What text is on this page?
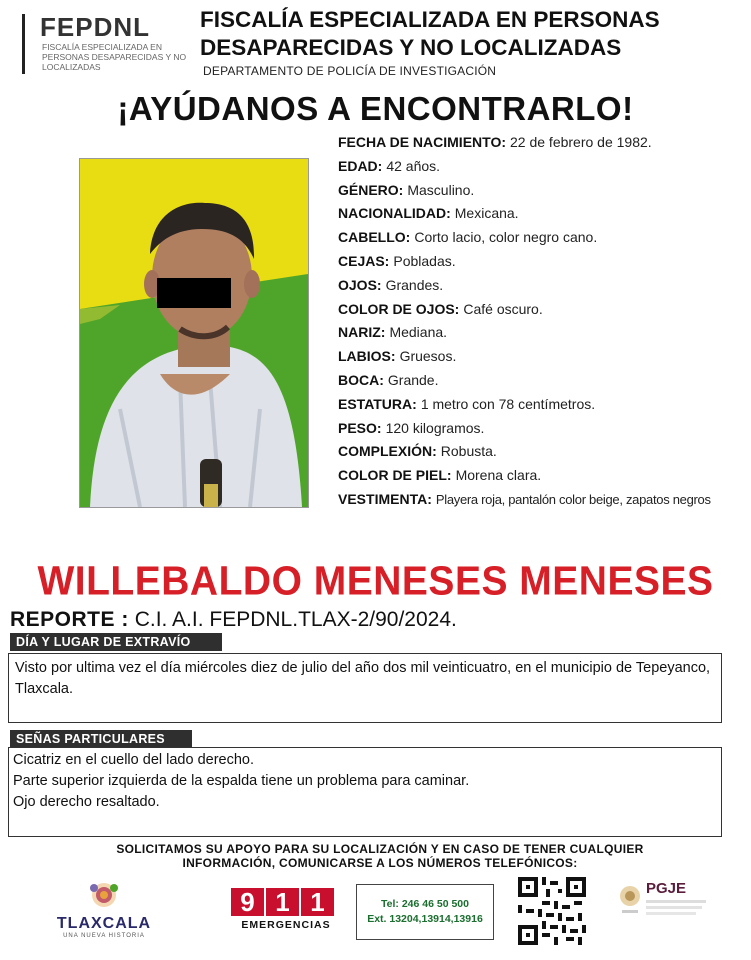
FEPDNL
FISCALÍA ESPECIALIZADA EN PERSONAS DESAPARECIDAS Y NO LOCALIZADAS
FISCALÍA ESPECIALIZADA EN PERSONAS
DESAPARECIDAS Y NO LOCALIZADAS
DEPARTAMENTO DE POLICÍA DE INVESTIGACIÓN
¡AYÚDANOS A ENCONTRARLO!
FECHA DE NACIMIENTO: 22 de febrero de 1982.
EDAD: 42 años.
GÉNERO: Masculino.
NACIONALIDAD: Mexicana.
CABELLO: Corto lacio, color negro cano.
CEJAS: Pobladas.
OJOS: Grandes.
COLOR DE OJOS: Café oscuro.
NARIZ: Mediana.
LABIOS: Gruesos.
BOCA: Grande.
ESTATURA: 1 metro con 78 centímetros.
PESO: 120 kilogramos.
COMPLEXIÓN: Robusta.
COLOR DE PIEL: Morena clara.
VESTIMENTA: Playera roja, pantalón color beige, zapatos negros
WILLEBALDO MENESES MENESES
REPORTE : C.I. A.I. FEPDNL.TLAX-2/90/2024.
DÍA Y LUGAR DE EXTRAVÍO
Visto por ultima vez el día miércoles diez de julio del año dos mil veinticuatro, en el municipio de Tepeyanco, Tlaxcala.
SEÑAS PARTICULARES
Cicatriz en el cuello del lado derecho.
Parte superior izquierda de la espalda tiene un problema para caminar.
Ojo derecho resaltado.
SOLICITAMOS SU APOYO PARA SU LOCALIZACIÓN Y EN CASO DE TENER CUALQUIER
INFORMACIÓN, COMUNICARSE A LOS NÚMEROS TELEFÓNICOS:
TLAXCALA
UNA NUEVA HISTORIA
9 1 1
EMERGENCIAS
Tel: 246 46 50 500
Ext. 13204,13914,13916
PGJE
